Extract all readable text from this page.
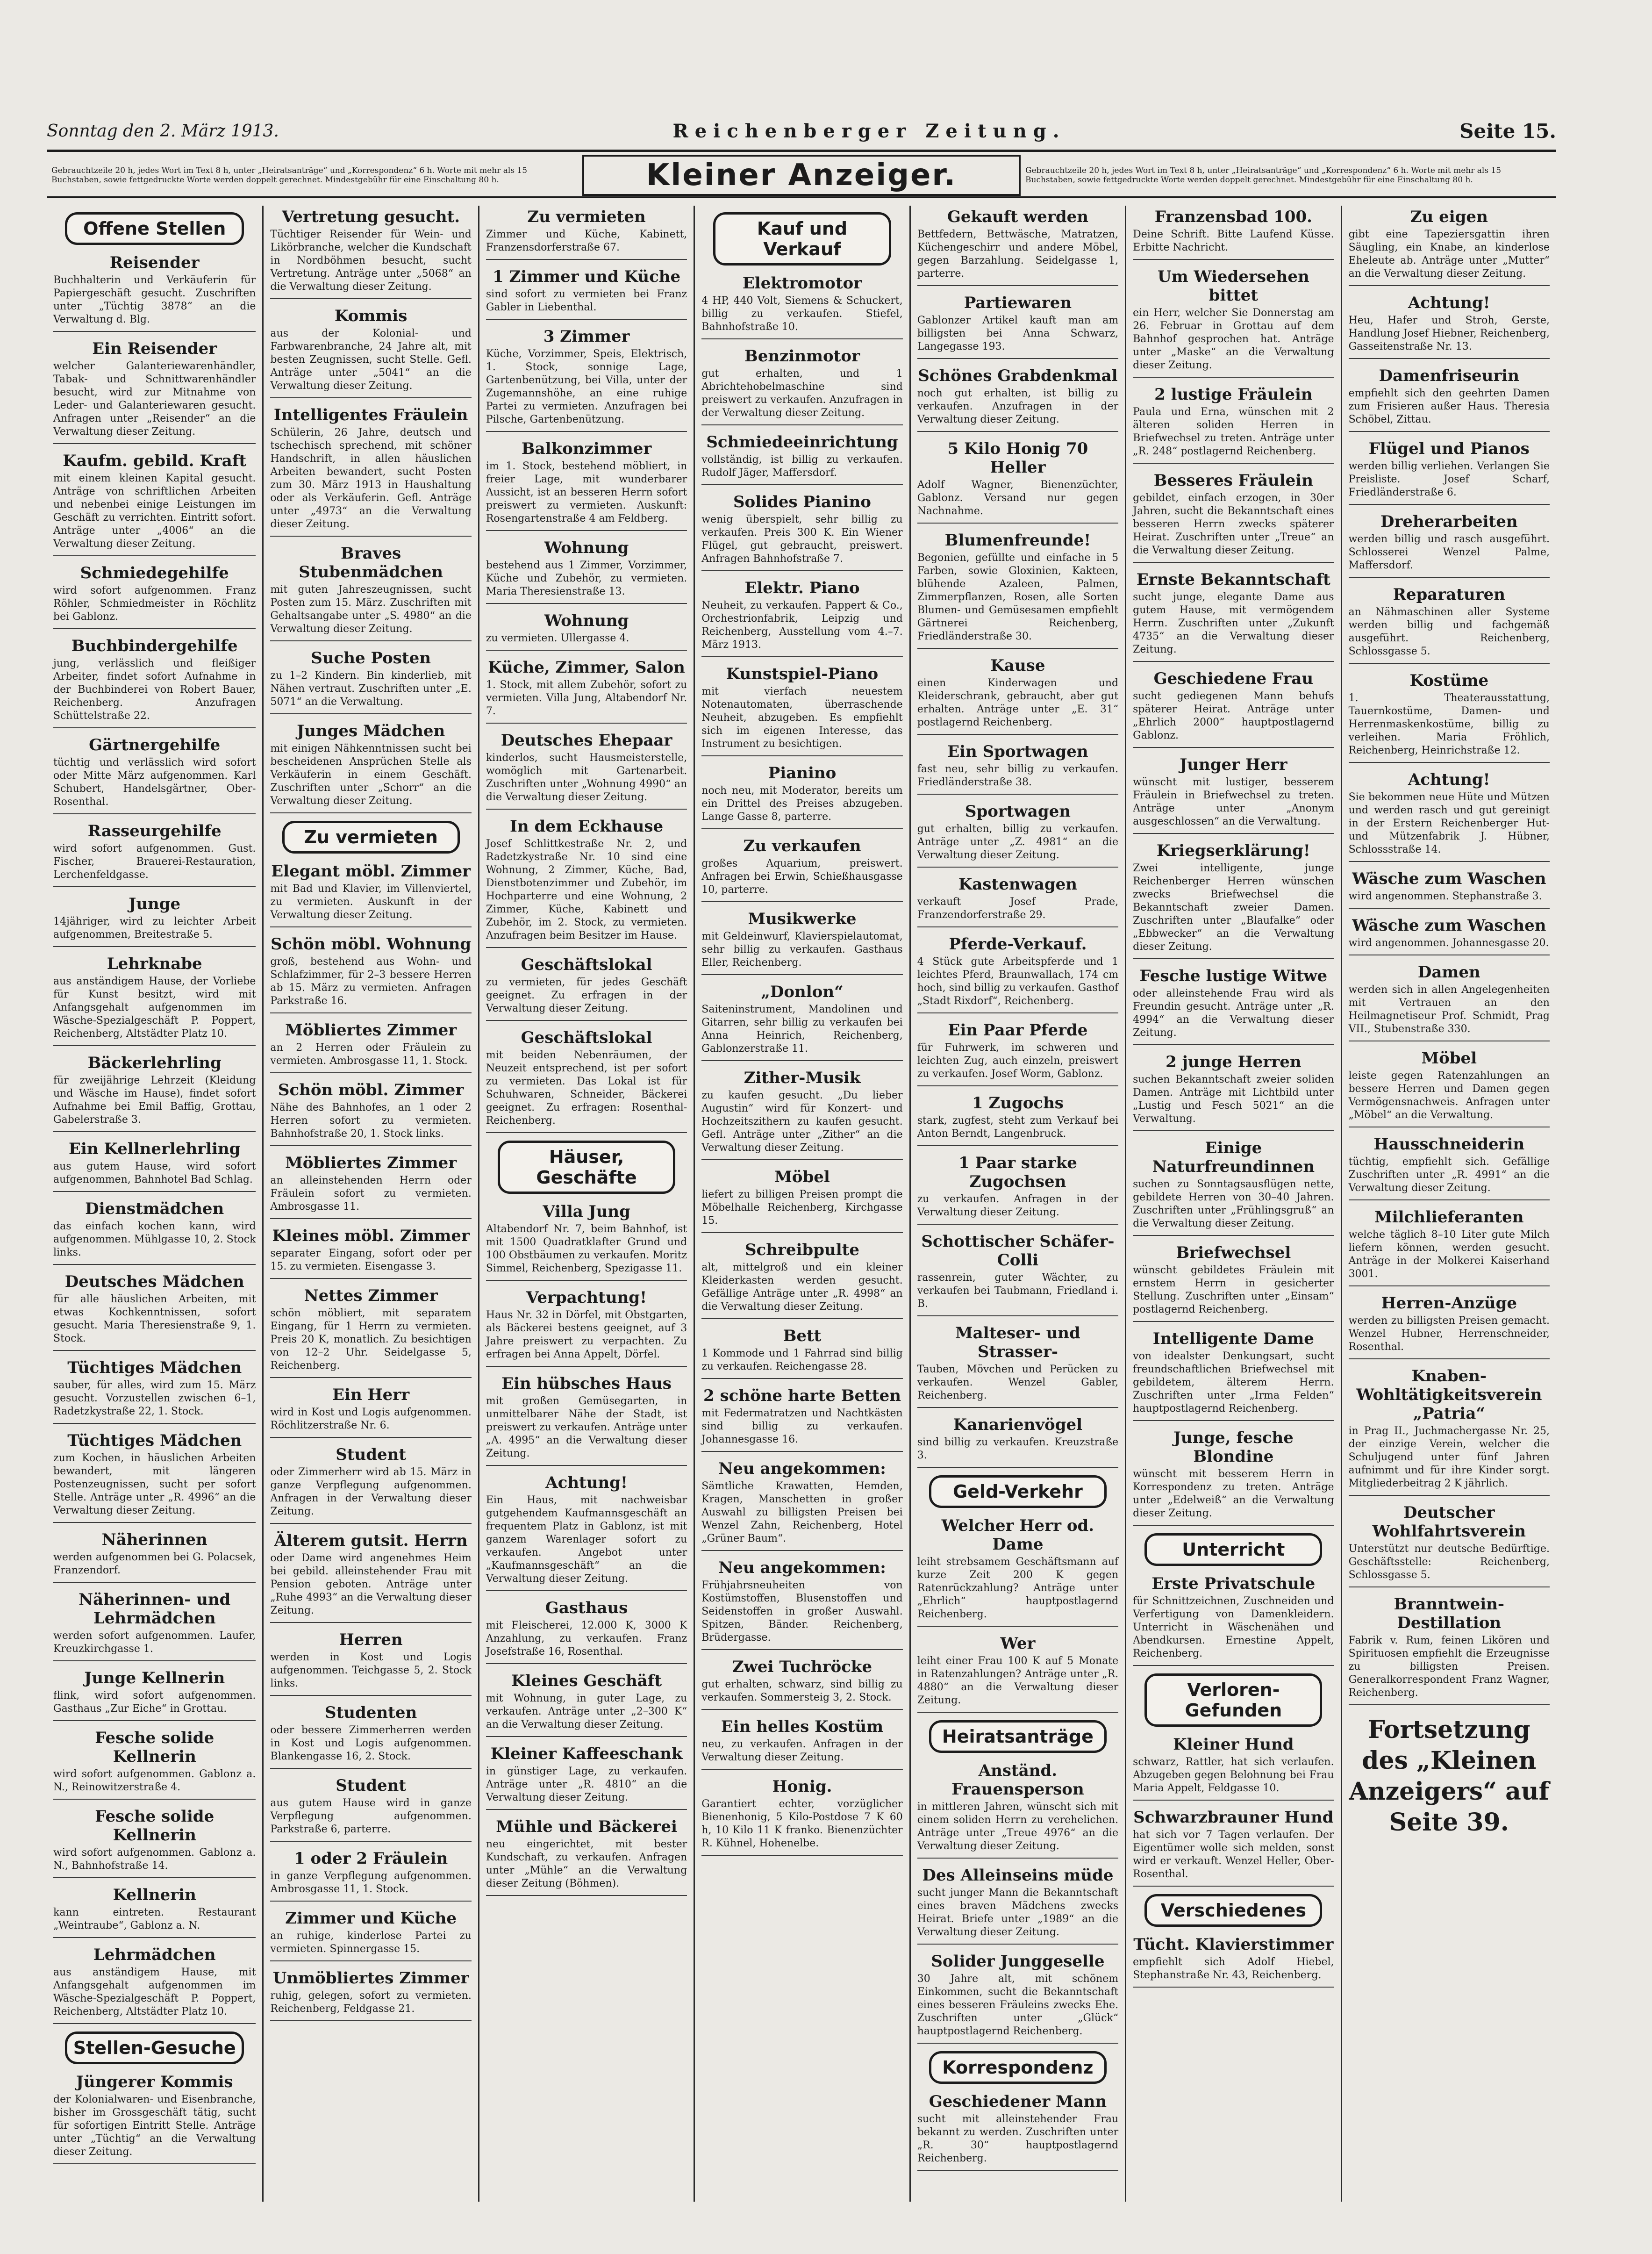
Sonntag den 2. März 1913.	Reichenberger Zeitung.	Seite 15.
Gebrauchtzeile 20 h, jedes Wort im Text 8 h, unter „Heiratsanträge“ und „Korrespondenz“ 6 h. Worte mit mehr als 15 Buchstaben, sowie fettgedruckte Worte werden doppelt gerechnet. Mindestgebühr für eine Einschaltung 80 h.	Kleiner Anzeiger.	Gebrauchtzeile 20 h, jedes Wort im Text 8 h, unter „Heiratsanträge“ und „Korrespondenz“ 6 h. Worte mit mehr als 15 Buchstaben, sowie fettgedruckte Worte werden doppelt gerechnet. Mindestgebühr für eine Einschaltung 80 h.
Offene Stellen
Reisender

Buchhalterin und Verkäuferin für Papiergeschäft gesucht. Zuschriften unter „Tüchtig 3878“ an die Verwaltung d. Blg.

Ein Reisender

welcher Galanteriewarenhändler, Tabak- und Schnittwarenhändler besucht, wird zur Mitnahme von Leder- und Galanteriewaren gesucht. Anfragen unter „Reisender“ an die Verwaltung dieser Zeitung.

Kaufm. gebild. Kraft

mit einem kleinen Kapital gesucht. Anträge von schriftlichen Arbeiten und nebenbei einige Leistungen im Geschäft zu verrichten. Eintritt sofort. Anträge unter „4006“ an die Verwaltung dieser Zeitung.

Schmiedegehilfe

wird sofort aufgenommen. Franz Röhler, Schmiedmeister in Röchlitz bei Gablonz.

Buchbindergehilfe

jung, verlässlich und fleißiger Arbeiter, findet sofort Aufnahme in der Buchbinderei von Robert Bauer, Reichenberg. Anzufragen Schüttelstraße 22.

Gärtnergehilfe

tüchtig und verlässlich wird sofort oder Mitte März aufgenommen. Karl Schubert, Handelsgärtner, Ober-Rosenthal.

Rasseurgehilfe

wird sofort aufgenommen. Gust. Fischer, Brauerei-Restauration, Lerchenfeldgasse.

Junge

14jähriger, wird zu leichter Arbeit aufgenommen, Breitestraße 5.

Lehrknabe

aus anständigem Hause, der Vorliebe für Kunst besitzt, wird mit Anfangsgehalt aufgenommen im Wäsche-Spezialgeschäft P. Poppert, Reichenberg, Altstädter Platz 10.

Bäckerlehrling

für zweijährige Lehrzeit (Kleidung und Wäsche im Hause), findet sofort Aufnahme bei Emil Baffig, Grottau, Gabelerstraße 3.

Ein Kellnerlehrling

aus gutem Hause, wird sofort aufgenommen, Bahnhotel Bad Schlag.

Dienstmädchen

das einfach kochen kann, wird aufgenommen. Mühlgasse 10, 2. Stock links.

Deutsches Mädchen

für alle häuslichen Arbeiten, mit etwas Kochkenntnissen, sofort gesucht. Maria Theresienstraße 9, 1. Stock.

Tüchtiges Mädchen

sauber, für alles, wird zum 15. März gesucht. Vorzustellen zwischen 6–1, Radetzkystraße 22, 1. Stock.

Tüchtiges Mädchen

zum Kochen, in häuslichen Arbeiten bewandert, mit längeren Postenzeugnissen, sucht per sofort Stelle. Anträge unter „R. 4996“ an die Verwaltung dieser Zeitung.

Näherinnen

werden aufgenommen bei G. Polacsek, Franzendorf.

Näherinnen- und Lehrmädchen

werden sofort aufgenommen. Laufer, Kreuzkirchgasse 1.

Junge Kellnerin

flink, wird sofort aufgenommen. Gasthaus „Zur Eiche“ in Grottau.

Fesche solide Kellnerin

wird sofort aufgenommen. Gablonz a. N., Reinowitzerstraße 4.

Fesche solide Kellnerin

wird sofort aufgenommen. Gablonz a. N., Bahnhofstraße 14.

Kellnerin

kann eintreten. Restaurant „Weintraube“, Gablonz a. N.

Lehrmädchen

aus anständigem Hause, mit Anfangsgehalt aufgenommen im Wäsche-Spezialgeschäft P. Poppert, Reichenberg, Altstädter Platz 10.

Stellen-Gesuche
Jüngerer Kommis

der Kolonialwaren- und Eisenbranche, bisher im Grossgeschäft tätig, sucht für sofortigen Eintritt Stelle. Anträge unter „Tüchtig“ an die Verwaltung dieser Zeitung.

Vertretung gesucht.

Tüchtiger Reisender für Wein- und Likörbranche, welcher die Kundschaft in Nordböhmen besucht, sucht Vertretung. Anträge unter „5068“ an die Verwaltung dieser Zeitung.

Kommis

aus der Kolonial- und Farbwarenbranche, 24 Jahre alt, mit besten Zeugnissen, sucht Stelle. Gefl. Anträge unter „5041“ an die Verwaltung dieser Zeitung.

Intelligentes Fräulein

Schülerin, 26 Jahre, deutsch und tschechisch sprechend, mit schöner Handschrift, in allen häuslichen Arbeiten bewandert, sucht Posten zum 30. März 1913 in Haushaltung oder als Verkäuferin. Gefl. Anträge unter „4973“ an die Verwaltung dieser Zeitung.

Braves Stubenmädchen

mit guten Jahreszeugnissen, sucht Posten zum 15. März. Zuschriften mit Gehaltsangabe unter „S. 4980“ an die Verwaltung dieser Zeitung.

Suche Posten

zu 1–2 Kindern. Bin kinderlieb, mit Nähen vertraut. Zuschriften unter „E. 5071“ an die Verwaltung.

Junges Mädchen

mit einigen Nähkenntnissen sucht bei bescheidenen Ansprüchen Stelle als Verkäuferin in einem Geschäft. Zuschriften unter „Schorr“ an die Verwaltung dieser Zeitung.

Zu vermieten
Elegant möbl. Zimmer

mit Bad und Klavier, im Villenviertel, zu vermieten. Auskunft in der Verwaltung dieser Zeitung.

Schön möbl. Wohnung

groß, bestehend aus Wohn- und Schlafzimmer, für 2–3 bessere Herren ab 15. März zu vermieten. Anfragen Parkstraße 16.

Möbliertes Zimmer

an 2 Herren oder Fräulein zu vermieten. Ambrosgasse 11, 1. Stock.

Schön möbl. Zimmer

Nähe des Bahnhofes, an 1 oder 2 Herren sofort zu vermieten. Bahnhofstraße 20, 1. Stock links.

Möbliertes Zimmer

an alleinstehenden Herrn oder Fräulein sofort zu vermieten. Ambrosgasse 11.

Kleines möbl. Zimmer

separater Eingang, sofort oder per 15. zu vermieten. Eisengasse 3.

Nettes Zimmer

schön möbliert, mit separatem Eingang, für 1 Herrn zu vermieten. Preis 20 K, monatlich. Zu besichtigen von 12–2 Uhr. Seidelgasse 5, Reichenberg.

Ein Herr

wird in Kost und Logis aufgenommen. Röchlitzerstraße Nr. 6.

Student

oder Zimmerherr wird ab 15. März in ganze Verpflegung aufgenommen. Anfragen in der Verwaltung dieser Zeitung.

Älterem gutsit. Herrn

oder Dame wird angenehmes Heim bei gebild. alleinstehender Frau mit Pension geboten. Anträge unter „Ruhe 4993“ an die Verwaltung dieser Zeitung.

Herren

werden in Kost und Logis aufgenommen. Teichgasse 5, 2. Stock links.

Studenten

oder bessere Zimmerherren werden in Kost und Logis aufgenommen. Blankengasse 16, 2. Stock.

Student

aus gutem Hause wird in ganze Verpflegung aufgenommen. Parkstraße 6, parterre.

1 oder 2 Fräulein

in ganze Verpflegung aufgenommen. Ambrosgasse 11, 1. Stock.

Zimmer und Küche

an ruhige, kinderlose Partei zu vermieten. Spinnergasse 15.

Unmöbliertes Zimmer

ruhig, gelegen, sofort zu vermieten. Reichenberg, Feldgasse 21.

Zu vermieten

Zimmer und Küche, Kabinett, Franzensdorferstraße 67.

1 Zimmer und Küche

sind sofort zu vermieten bei Franz Gabler in Liebenthal.

3 Zimmer

Küche, Vorzimmer, Speis, Elektrisch, 1. Stock, sonnige Lage, Gartenbenützung, bei Villa, unter der Zugemannshöhe, an eine ruhige Partei zu vermieten. Anzufragen bei Pilsche, Gartenbenützung.

Balkonzimmer

im 1. Stock, bestehend möbliert, in freier Lage, mit wunderbarer Aussicht, ist an besseren Herrn sofort preiswert zu vermieten. Auskunft: Rosengartenstraße 4 am Feldberg.

Wohnung

bestehend aus 1 Zimmer, Vorzimmer, Küche und Zubehör, zu vermieten. Maria Theresienstraße 13.

Wohnung

zu vermieten. Ullergasse 4.

Küche, Zimmer, Salon

1. Stock, mit allem Zubehör, sofort zu vermieten. Villa Jung, Altabendorf Nr. 7.

Deutsches Ehepaar

kinderlos, sucht Hausmeisterstelle, womöglich mit Gartenarbeit. Zuschriften unter „Wohnung 4990“ an die Verwaltung dieser Zeitung.

In dem Eckhause

Josef Schlittkestraße Nr. 2, und Radetzkystraße Nr. 10 sind eine Wohnung, 2 Zimmer, Küche, Bad, Dienstbotenzimmer und Zubehör, im Hochparterre und eine Wohnung, 2 Zimmer, Küche, Kabinett und Zubehör, im 2. Stock, zu vermieten. Anzufragen beim Besitzer im Hause.

Geschäftslokal

zu vermieten, für jedes Geschäft geeignet. Zu erfragen in der Verwaltung dieser Zeitung.

Geschäftslokal

mit beiden Nebenräumen, der Neuzeit entsprechend, ist per sofort zu vermieten. Das Lokal ist für Schuhwaren, Schneider, Bäckerei geeignet. Zu erfragen: Rosenthal-Reichenberg.

Häuser, Geschäfte
Villa Jung

Altabendorf Nr. 7, beim Bahnhof, ist mit 1500 Quadratklafter Grund und 100 Obstbäumen zu verkaufen. Moritz Simmel, Reichenberg, Spezigasse 11.

Verpachtung!

Haus Nr. 32 in Dörfel, mit Obstgarten, als Bäckerei bestens geeignet, auf 3 Jahre preiswert zu verpachten. Zu erfragen bei Anna Appelt, Dörfel.

Ein hübsches Haus

mit großen Gemüsegarten, in unmittelbarer Nähe der Stadt, ist preiswert zu verkaufen. Anträge unter „A. 4995“ an die Verwaltung dieser Zeitung.

Achtung!

Ein Haus, mit nachweisbar gutgehendem Kaufmannsgeschäft an frequentem Platz in Gablonz, ist mit ganzem Warenlager sofort zu verkaufen. Angebot unter „Kaufmannsgeschäft“ an die Verwaltung dieser Zeitung.

Gasthaus

mit Fleischerei, 12.000 K, 3000 K Anzahlung, zu verkaufen. Franz Josefstraße 16, Rosenthal.

Kleines Geschäft

mit Wohnung, in guter Lage, zu verkaufen. Anträge unter „2–300 K“ an die Verwaltung dieser Zeitung.

Kleiner Kaffeeschank

in günstiger Lage, zu verkaufen. Anträge unter „R. 4810“ an die Verwaltung dieser Zeitung.

Mühle und Bäckerei

neu eingerichtet, mit bester Kundschaft, zu verkaufen. Anfragen unter „Mühle“ an die Verwaltung dieser Zeitung (Böhmen).

Kauf und Verkauf
Elektromotor

4 HP, 440 Volt, Siemens & Schuckert, billig zu verkaufen. Stiefel, Bahnhofstraße 10.

Benzinmotor

gut erhalten, und 1 Abrichtehobelmaschine sind preiswert zu verkaufen. Anzufragen in der Verwaltung dieser Zeitung.

Schmiedeeinrichtung

vollständig, ist billig zu verkaufen. Rudolf Jäger, Maffersdorf.

Solides Pianino

wenig überspielt, sehr billig zu verkaufen. Preis 300 K. Ein Wiener Flügel, gut gebraucht, preiswert. Anfragen Bahnhofstraße 7.

Elektr. Piano

Neuheit, zu verkaufen. Pappert & Co., Orchestrionfabrik, Leipzig und Reichenberg, Ausstellung vom 4.–7. März 1913.

Kunstspiel-Piano

mit vierfach neuestem Notenautomaten, überraschende Neuheit, abzugeben. Es empfiehlt sich im eigenen Interesse, das Instrument zu besichtigen.

Pianino

noch neu, mit Moderator, bereits um ein Drittel des Preises abzugeben. Lange Gasse 8, parterre.

Zu verkaufen

großes Aquarium, preiswert. Anfragen bei Erwin, Schießhausgasse 10, parterre.

Musikwerke

mit Geldeinwurf, Klavierspielautomat, sehr billig zu verkaufen. Gasthaus Eller, Reichenberg.

„Donlon“

Saiteninstrument, Mandolinen und Gitarren, sehr billig zu verkaufen bei Anna Heinrich, Reichenberg, Gablonzerstraße 11.

Zither-Musik

zu kaufen gesucht. „Du lieber Augustin“ wird für Konzert- und Hochzeitszithern zu kaufen gesucht. Gefl. Anträge unter „Zither“ an die Verwaltung dieser Zeitung.

Möbel

liefert zu billigen Preisen prompt die Möbelhalle Reichenberg, Kirchgasse 15.

Schreibpulte

alt, mittelgroß und ein kleiner Kleiderkasten werden gesucht. Gefällige Anträge unter „R. 4998“ an die Verwaltung dieser Zeitung.

Bett

1 Kommode und 1 Fahrrad sind billig zu verkaufen. Reichengasse 28.

2 schöne harte Betten

mit Federmatratzen und Nachtkästen sind billig zu verkaufen. Johannesgasse 16.

Neu angekommen:

Sämtliche Krawatten, Hemden, Kragen, Manschetten in großer Auswahl zu billigsten Preisen bei Wenzel Zahn, Reichenberg, Hotel „Grüner Baum“.

Neu angekommen:

Frühjahrsneuheiten von Kostümstoffen, Blusenstoffen und Seidenstoffen in großer Auswahl. Spitzen, Bänder. Reichenberg, Brüdergasse.

Zwei Tuchröcke

gut erhalten, schwarz, sind billig zu verkaufen. Sommersteig 3, 2. Stock.

Ein helles Kostüm

neu, zu verkaufen. Anfragen in der Verwaltung dieser Zeitung.

Honig.

Garantiert echter, vorzüglicher Bienenhonig, 5 Kilo-Postdose 7 K 60 h, 10 Kilo 11 K franko. Bienenzüchter R. Kühnel, Hohenelbe.

Gekauft werden

Bettfedern, Bettwäsche, Matratzen, Küchengeschirr und andere Möbel, gegen Barzahlung. Seidelgasse 1, parterre.

Partiewaren

Gablonzer Artikel kauft man am billigsten bei Anna Schwarz, Langegasse 193.

Schönes Grabdenkmal

noch gut erhalten, ist billig zu verkaufen. Anzufragen in der Verwaltung dieser Zeitung.

5 Kilo Honig 70 Heller

Adolf Wagner, Bienenzüchter, Gablonz. Versand nur gegen Nachnahme.

Blumenfreunde!

Begonien, gefüllte und einfache in 5 Farben, sowie Gloxinien, Kakteen, blühende Azaleen, Palmen, Zimmerpflanzen, Rosen, alle Sorten Blumen- und Gemüsesamen empfiehlt Gärtnerei Reichenberg, Friedländerstraße 30.

Kause

einen Kinderwagen und Kleiderschrank, gebraucht, aber gut erhalten. Anträge unter „E. 31“ postlagernd Reichenberg.

Ein Sportwagen

fast neu, sehr billig zu verkaufen. Friedländerstraße 38.

Sportwagen

gut erhalten, billig zu verkaufen. Anträge unter „Z. 4981“ an die Verwaltung dieser Zeitung.

Kastenwagen

verkauft Josef Prade, Franzendorferstraße 29.

Pferde-Verkauf.

4 Stück gute Arbeitspferde und 1 leichtes Pferd, Braunwallach, 174 cm hoch, sind billig zu verkaufen. Gasthof „Stadt Rixdorf“, Reichenberg.

Ein Paar Pferde

für Fuhrwerk, im schweren und leichten Zug, auch einzeln, preiswert zu verkaufen. Josef Worm, Gablonz.

1 Zugochs

stark, zugfest, steht zum Verkauf bei Anton Berndt, Langenbruck.

1 Paar starke Zugochsen

zu verkaufen. Anfragen in der Verwaltung dieser Zeitung.

Schottischer Schäfer-Colli

rassenrein, guter Wächter, zu verkaufen bei Taubmann, Friedland i. B.

Malteser- und Strasser-

Tauben, Mövchen und Perücken zu verkaufen. Wenzel Gabler, Reichenberg.

Kanarienvögel

sind billig zu verkaufen. Kreuzstraße 3.

Geld-Verkehr
Welcher Herr od. Dame

leiht strebsamem Geschäftsmann auf kurze Zeit 200 K gegen Ratenrückzahlung? Anträge unter „Ehrlich“ hauptpostlagernd Reichenberg.

Wer

leiht einer Frau 100 K auf 5 Monate in Ratenzahlungen? Anträge unter „R. 4880“ an die Verwaltung dieser Zeitung.

Heiratsanträge
Anständ. Frauensperson

in mittleren Jahren, wünscht sich mit einem soliden Herrn zu verehelichen. Anträge unter „Treue 4976“ an die Verwaltung dieser Zeitung.

Des Alleinseins müde

sucht junger Mann die Bekanntschaft eines braven Mädchens zwecks Heirat. Briefe unter „1989“ an die Verwaltung dieser Zeitung.

Solider Junggeselle

30 Jahre alt, mit schönem Einkommen, sucht die Bekanntschaft eines besseren Fräuleins zwecks Ehe. Zuschriften unter „Glück“ hauptpostlagernd Reichenberg.

Korrespondenz
Geschiedener Mann

sucht mit alleinstehender Frau bekannt zu werden. Zuschriften unter „R. 30“ hauptpostlagernd Reichenberg.

Franzensbad 100.

Deine Schrift. Bitte Laufend Küsse. Erbitte Nachricht.

Um Wiedersehen bittet

ein Herr, welcher Sie Donnerstag am 26. Februar in Grottau auf dem Bahnhof gesprochen hat. Anträge unter „Maske“ an die Verwaltung dieser Zeitung.

2 lustige Fräulein

Paula und Erna, wünschen mit 2 älteren soliden Herren in Briefwechsel zu treten. Anträge unter „R. 248“ postlagernd Reichenberg.

Besseres Fräulein

gebildet, einfach erzogen, in 30er Jahren, sucht die Bekanntschaft eines besseren Herrn zwecks späterer Heirat. Zuschriften unter „Treue“ an die Verwaltung dieser Zeitung.

Ernste Bekanntschaft

sucht junge, elegante Dame aus gutem Hause, mit vermögendem Herrn. Zuschriften unter „Zukunft 4735“ an die Verwaltung dieser Zeitung.

Geschiedene Frau

sucht gediegenen Mann behufs späterer Heirat. Anträge unter „Ehrlich 2000“ hauptpostlagernd Gablonz.

Junger Herr

wünscht mit lustiger, besserem Fräulein in Briefwechsel zu treten. Anträge unter „Anonym ausgeschlossen“ an die Verwaltung.

Kriegserklärung!

Zwei intelligente, junge Reichenberger Herren wünschen zwecks Briefwechsel die Bekanntschaft zweier Damen. Zuschriften unter „Blaufalke“ oder „Ebbwecker“ an die Verwaltung dieser Zeitung.

Fesche lustige Witwe

oder alleinstehende Frau wird als Freundin gesucht. Anträge unter „R. 4994“ an die Verwaltung dieser Zeitung.

2 junge Herren

suchen Bekanntschaft zweier soliden Damen. Anträge mit Lichtbild unter „Lustig und Fesch 5021“ an die Verwaltung.

Einige Naturfreundinnen

suchen zu Sonntagsausflügen nette, gebildete Herren von 30–40 Jahren. Zuschriften unter „Frühlingsgruß“ an die Verwaltung dieser Zeitung.

Briefwechsel

wünscht gebildetes Fräulein mit ernstem Herrn in gesicherter Stellung. Zuschriften unter „Einsam“ postlagernd Reichenberg.

Intelligente Dame

von idealster Denkungsart, sucht freundschaftlichen Briefwechsel mit gebildetem, älterem Herrn. Zuschriften unter „Irma Felden“ hauptpostlagernd Reichenberg.

Junge, fesche Blondine

wünscht mit besserem Herrn in Korrespondenz zu treten. Anträge unter „Edelweiß“ an die Verwaltung dieser Zeitung.

Unterricht
Erste Privatschule

für Schnittzeichnen, Zuschneiden und Verfertigung von Damenkleidern. Unterricht in Wäschenähen und Abendkursen. Ernestine Appelt, Reichenberg.

Verloren-Gefunden
Kleiner Hund

schwarz, Rattler, hat sich verlaufen. Abzugeben gegen Belohnung bei Frau Maria Appelt, Feldgasse 10.

Schwarzbrauner Hund

hat sich vor 7 Tagen verlaufen. Der Eigentümer wolle sich melden, sonst wird er verkauft. Wenzel Heller, Ober-Rosenthal.

Verschiedenes
Tücht. Klavierstimmer

empfiehlt sich Adolf Hiebel, Stephanstraße Nr. 43, Reichenberg.

Zu eigen

gibt eine Tapeziersgattin ihren Säugling, ein Knabe, an kinderlose Eheleute ab. Anträge unter „Mutter“ an die Verwaltung dieser Zeitung.

Achtung!

Heu, Hafer und Stroh, Gerste, Handlung Josef Hiebner, Reichenberg, Gasseitenstraße Nr. 13.

Damenfriseurin

empfiehlt sich den geehrten Damen zum Frisieren außer Haus. Theresia Schöbel, Zittau.

Flügel und Pianos

werden billig verliehen. Verlangen Sie Preisliste. Josef Scharf, Friedländerstraße 6.

Dreherarbeiten

werden billig und rasch ausgeführt. Schlosserei Wenzel Palme, Maffersdorf.

Reparaturen

an Nähmaschinen aller Systeme werden billig und fachgemäß ausgeführt. Reichenberg, Schlossgasse 5.

Kostüme

1. Theaterausstattung, Tauernkostüme, Damen- und Herrenmaskenkostüme, billig zu verleihen. Maria Fröhlich, Reichenberg, Heinrichstraße 12.

Achtung!

Sie bekommen neue Hüte und Mützen und werden rasch und gut gereinigt in der Erstern Reichenberger Hut- und Mützenfabrik J. Hübner, Schlossstraße 14.

Wäsche zum Waschen

wird angenommen. Stephanstraße 3.

Wäsche zum Waschen

wird angenommen. Johannesgasse 20.

Damen

werden sich in allen Angelegenheiten mit Vertrauen an den Heilmagnetiseur Prof. Schmidt, Prag VII., Stubenstraße 330.

Möbel

leiste gegen Ratenzahlungen an bessere Herren und Damen gegen Vermögensnachweis. Anfragen unter „Möbel“ an die Verwaltung.

Hausschneiderin

tüchtig, empfiehlt sich. Gefällige Zuschriften unter „R. 4991“ an die Verwaltung dieser Zeitung.

Milchlieferanten

welche täglich 8–10 Liter gute Milch liefern können, werden gesucht. Anträge in der Molkerei Kaiserhand 3001.

Herren-Anzüge

werden zu billigsten Preisen gemacht. Wenzel Hubner, Herrenschneider, Rosenthal.

Knaben-Wohltätigkeitsverein „Patria“

in Prag II., Juchmachergasse Nr. 25, der einzige Verein, welcher die Schuljugend unter fünf Jahren aufnimmt und für ihre Kinder sorgt. Mitgliederbeitrag 2 K jährlich.

Deutscher Wohlfahrtsverein

Unterstützt nur deutsche Bedürftige. Geschäftsstelle: Reichenberg, Schlossgasse 5.

Branntwein-Destillation

Fabrik v. Rum, feinen Likören und Spirituosen empfiehlt die Erzeugnisse zu billigsten Preisen. Generalkorrespondent Franz Wagner, Reichenberg.

Fortsetzung des „Kleinen Anzeigers“ auf Seite 39.
